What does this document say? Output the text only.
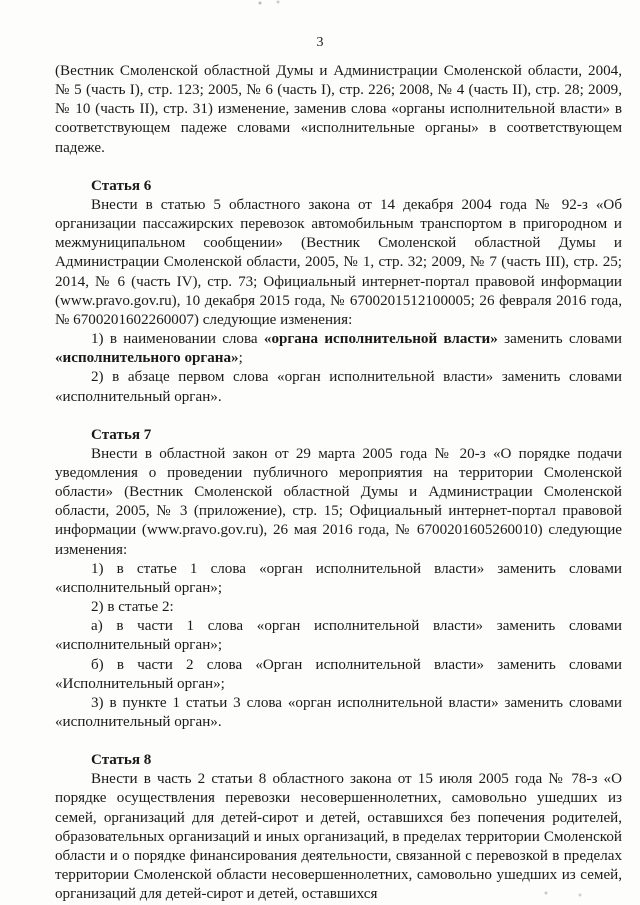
3

(Вестник Смоленской областной Думы и Администрации Смоленской области, 2004, № 5 (часть I), стр. 123; 2005, № 6 (часть I), стр. 226; 2008, № 4 (часть II), стр. 28; 2009, № 10 (часть II), стр. 31) изменение, заменив слова «органы исполнительной власти» в соответствующем падеже словами «исполнительные органы» в соответствующем падеже.

Статья 6

Внести в статью 5 областного закона от 14 декабря 2004 года № 92-з «Об организации пассажирских перевозок автомобильным транспортом в пригородном и межмуниципальном сообщении» (Вестник Смоленской областной Думы и Администрации Смоленской области, 2005, № 1, стр. 32; 2009, № 7 (часть III), стр. 25; 2014, № 6 (часть IV), стр. 73; Официальный интернет-портал правовой информации (www.pravo.gov.ru), 10 декабря 2015 года, № 6700201512100005; 26 февраля 2016 года, № 6700201602260007) следующие изменения:

1) в наименовании слова «органа исполнительной власти» заменить словами «исполнительного органа»;

2) в абзаце первом слова «орган исполнительной власти» заменить словами «исполнительный орган».

Статья 7

Внести в областной закон от 29 марта 2005 года № 20-з «О порядке подачи уведомления о проведении публичного мероприятия на территории Смоленской области» (Вестник Смоленской областной Думы и Администрации Смоленской области, 2005, № 3 (приложение), стр. 15; Официальный интернет-портал правовой информации (www.pravo.gov.ru), 26 мая 2016 года, № 6700201605260010) следующие изменения:

1) в статье 1 слова «орган исполнительной власти» заменить словами «исполнительный орган»;

2) в статье 2:

а) в части 1 слова «орган исполнительной власти» заменить словами «исполнительный орган»;

б) в части 2 слова «Орган исполнительной власти» заменить словами «Исполнительный орган»;

3) в пункте 1 статьи 3 слова «орган исполнительной власти» заменить словами «исполнительный орган».

Статья 8

Внести в часть 2 статьи 8 областного закона от 15 июля 2005 года № 78-з «О порядке осуществления перевозки несовершеннолетних, самовольно ушедших из семей, организаций для детей-сирот и детей, оставшихся без попечения родителей, образовательных организаций и иных организаций, в пределах территории Смоленской области и о порядке финансирования деятельности, связанной с перевозкой в пределах территории Смоленской области несовершеннолетних, самовольно ушедших из семей, организаций для детей-сирот и детей, оставшихся
